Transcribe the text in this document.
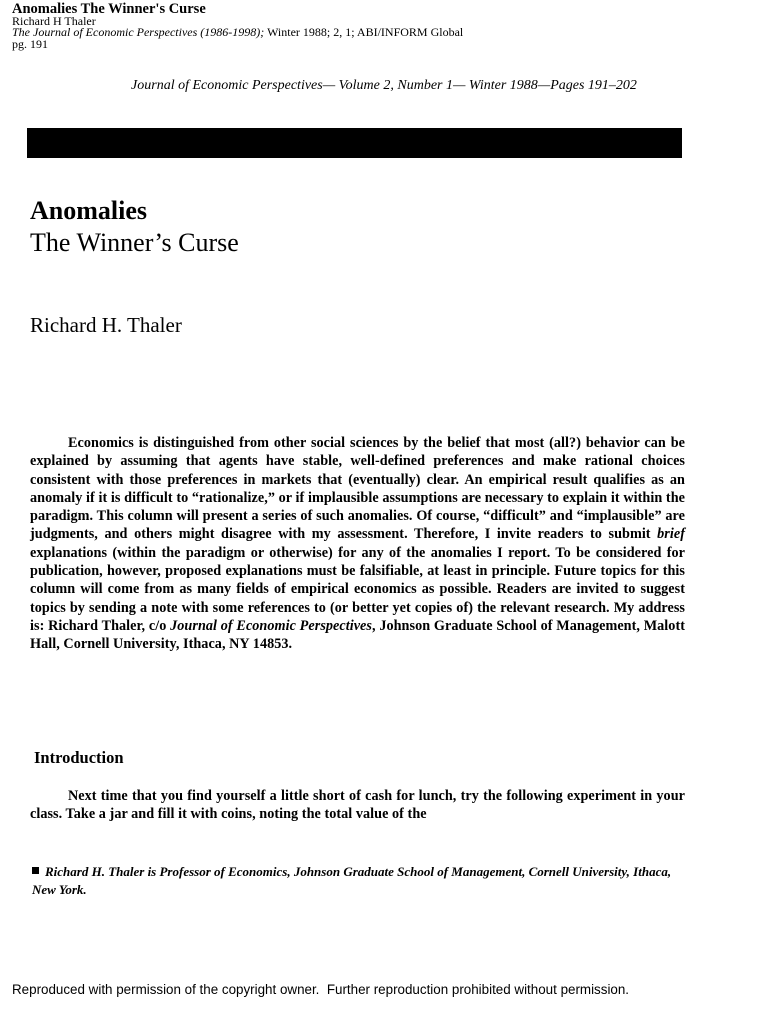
Anomalies The Winner's Curse
Richard H Thaler
The Journal of Economic Perspectives (1986-1998); Winter 1988; 2, 1; ABI/INFORM Global
pg. 191
Journal of Economic Perspectives— Volume 2, Number 1— Winter 1988—Pages 191–202
Anomalies
The Winner’s Curse
Richard H. Thaler
Economics is distinguished from other social sciences by the belief that most (all?) behavior can be explained by assuming that agents have stable, well-defined preferences and make rational choices consistent with those preferences in markets that (eventually) clear. An empirical result qualifies as an anomaly if it is difficult to “rationalize,” or if implausible assumptions are necessary to explain it within the paradigm. This column will present a series of such anomalies. Of course, “difficult” and “implausible” are judgments, and others might disagree with my assessment. Therefore, I invite readers to submit brief explanations (within the paradigm or otherwise) for any of the anomalies I report. To be considered for publication, however, proposed explanations must be falsifiable, at least in principle. Future topics for this column will come from as many fields of empirical economics as possible. Readers are invited to suggest topics by sending a note with some references to (or better yet copies of) the relevant research. My address is: Richard Thaler, c/o Journal of Economic Perspectives, Johnson Graduate School of Management, Malott Hall, Cornell University, Ithaca, NY 14853.
Introduction
Next time that you find yourself a little short of cash for lunch, try the following experiment in your class. Take a jar and fill it with coins, noting the total value of the
Richard H. Thaler is Professor of Economics, Johnson Graduate School of Management, Cornell University, Ithaca, New York.
Reproduced with permission of the copyright owner.  Further reproduction prohibited without permission.
